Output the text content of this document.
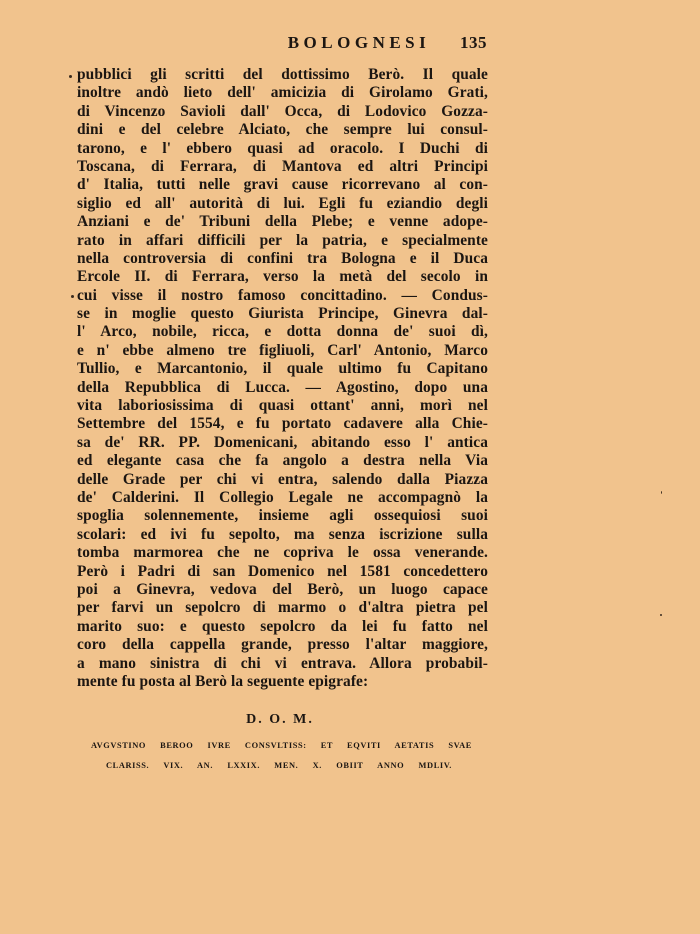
BOLOGNESI	135
pubblici gli scritti del dottissimo Berò. Il quale
inoltre andò lieto dell' amicizia di Girolamo Grati,
di Vincenzo Savioli dall' Occa, di Lodovico Gozza-
dini e del celebre Alciato, che sempre lui consul-
tarono, e l' ebbero quasi ad oracolo. I Duchi di
Toscana, di Ferrara, di Mantova ed altri Principi
d' Italia, tutti nelle gravi cause ricorrevano al con-
siglio ed all' autorità di lui. Egli fu eziandio degli
Anziani e de' Tribuni della Plebe; e venne adope-
rato in affari difficili per la patria, e specialmente
nella controversia di confini tra Bologna e il Duca
Ercole II. di Ferrara, verso la metà del secolo in
cui visse il nostro famoso concittadino. — Condus-
se in moglie questo Giurista Principe, Ginevra dal-
l' Arco, nobile, ricca, e dotta donna de' suoi dì,
e n' ebbe almeno tre figliuoli, Carl' Antonio, Marco
Tullio, e Marcantonio, il quale ultimo fu Capitano
della Repubblica di Lucca. — Agostino, dopo una
vita laboriosissima di quasi ottant' anni, morì nel
Settembre del 1554, e fu portato cadavere alla Chie-
sa de' RR. PP. Domenicani, abitando esso l' antica
ed elegante casa che fa angolo a destra nella Via
delle Grade per chi vi entra, salendo dalla Piazza
de' Calderini. Il Collegio Legale ne accompagnò la
spoglia solennemente, insieme agli ossequiosi suoi
scolari: ed ivi fu sepolto, ma senza iscrizione sulla
tomba marmorea che ne copriva le ossa venerande.
Però i Padri di san Domenico nel 1581 concedettero
poi a Ginevra, vedova del Berò, un luogo capace
per farvi un sepolcro di marmo o d'altra pietra pel
marito suo: e questo sepolcro da lei fu fatto nel
coro della cappella grande, presso l'altar maggiore,
a mano sinistra di chi vi entrava. Allora probabil-
mente fu posta al Berò la seguente epigrafe:
D. O. M.
AVGVSTINO BEROO IVRE CONSVLTISS: ET EQVITI AETATIS SVAE
CLARISS. VIX. AN. LXXIX. MEN. X. OBIIT ANNO MDLIV.
